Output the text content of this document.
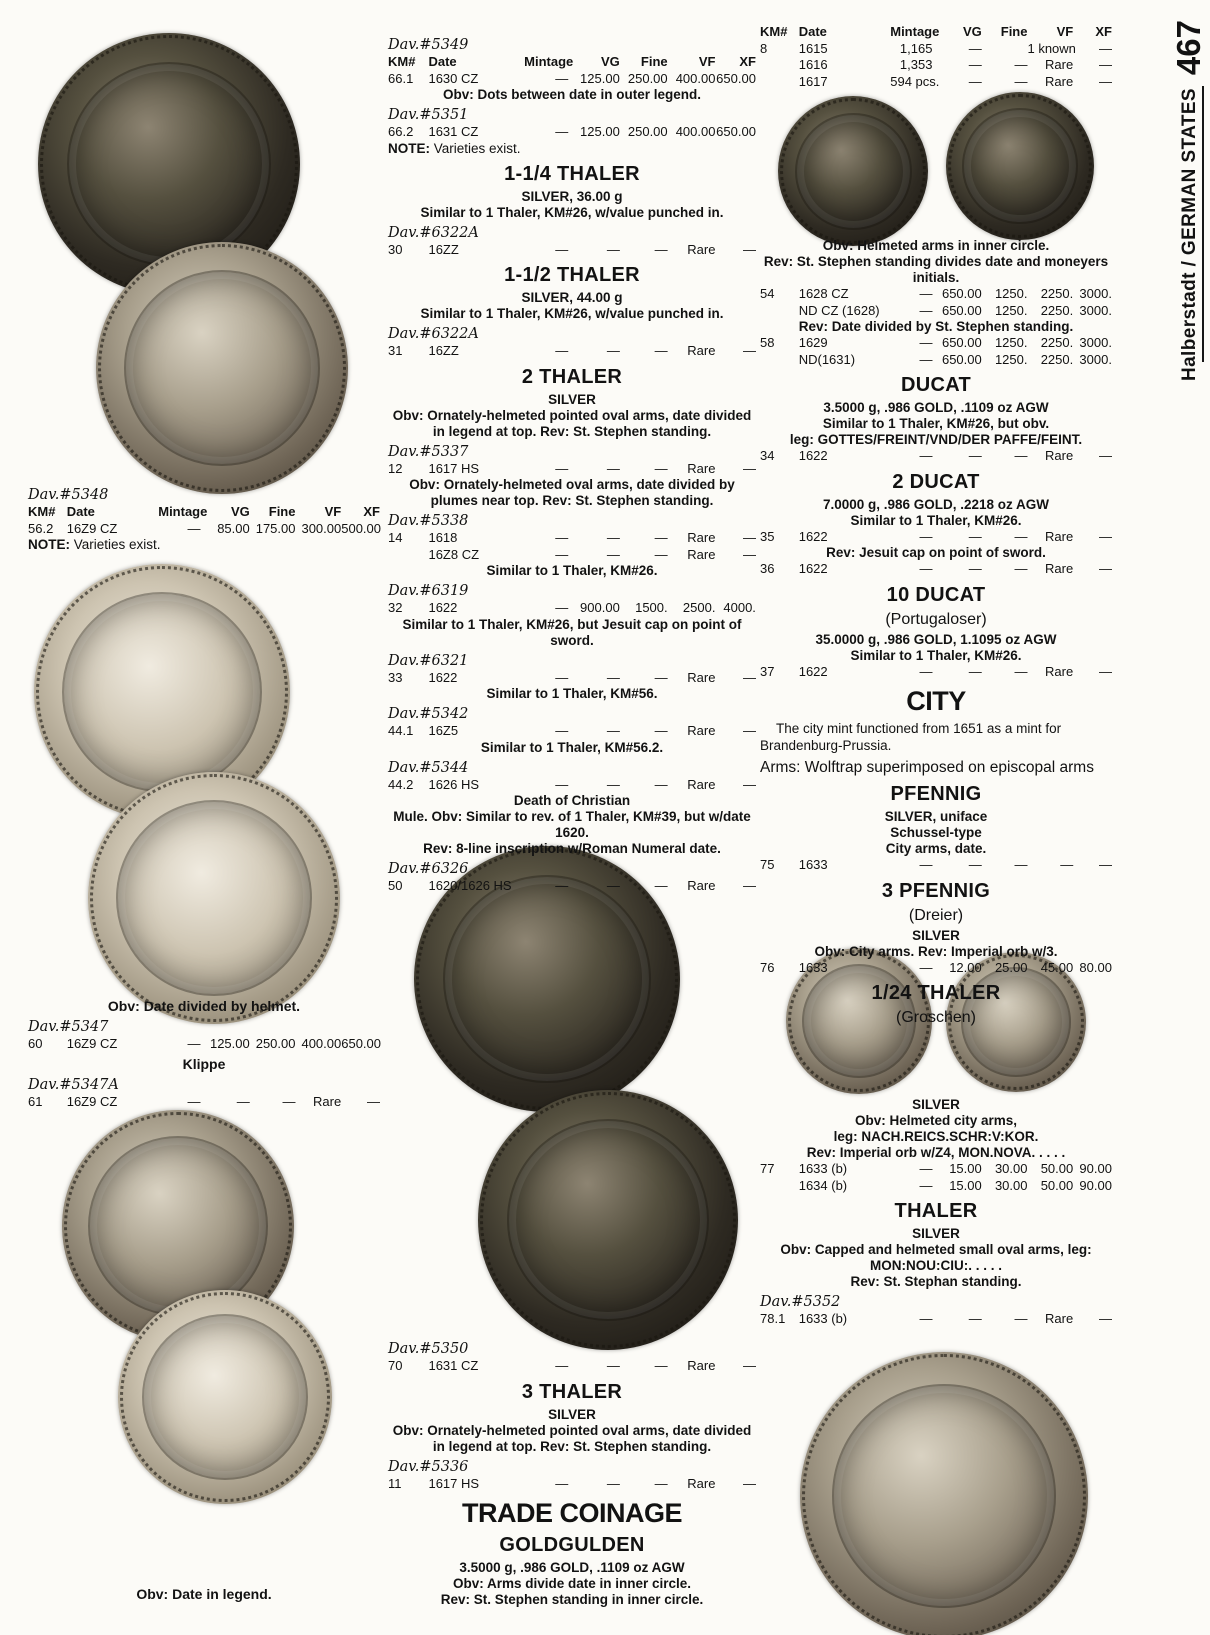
Dav.#5348
KM# Date	Mintage	VG	Fine	VF	XF
56.2	16Z9 CZ	—	85.00 175.00 300.00 500.00
NOTE: Varieties exist.
Obv: Date divided by helmet.
Dav.#5347
60	16Z9 CZ	— 125.00 250.00 400.00 650.00
Klippe
Dav.#5347A
61	16Z9 CZ	—	—	—	Rare	—
Obv: Date in legend.
Dav.#5349
KM#	Date	Mintage	VG	Fine	VF	XF
66.1	1630 CZ	— 125.00 250.00 400.00 650.00
Obv: Dots between date in outer legend.
Dav.#5351
66.2	1631 CZ	— 125.00 250.00 400.00 650.00
NOTE: Varieties exist.
1-1/4 THALER
SILVER, 36.00 g
Similar to 1 Thaler, KM#26, w/value punched in.
Dav.#6322A
30	16ZZ	—	—	—	Rare	—
1-1/2 THALER
SILVER, 44.00 g
Similar to 1 Thaler, KM#26, w/value punched in.
Dav.#6322A
31	16ZZ	—	—	—	Rare	—
2 THALER
SILVER
Obv: Ornately-helmeted pointed oval arms, date divided in legend at top. Rev: St. Stephen standing.
Dav.#5337
12	1617 HS	—	—	—	Rare	—
Obv: Ornately-helmeted oval arms, date divided by plumes near top. Rev: St. Stephen standing.
Dav.#5338
14	1618	—	—	—	Rare	—
16Z8 CZ	—	—	—	Rare	—
Similar to 1 Thaler, KM#26.
Dav.#6319
32	1622	— 900.00	1500.	2500. 4000.
Similar to 1 Thaler, KM#26, but Jesuit cap on point of sword.
Dav.#6321
33	1622	—	—	—	Rare	—
Similar to 1 Thaler, KM#56.
Dav.#5342
44.1	16Z5	—	—	—	Rare	—
Similar to 1 Thaler, KM#56.2.
Dav.#5344
44.2	1626 HS	—	—	—	Rare	—
Death of Christian
Mule. Obv: Similar to rev. of 1 Thaler, KM#39, but w/date 1620.
Rev: 8-line inscription w/Roman Numeral date.
Dav.#6326
50	1620/1626 HS	—	—	—	Rare	—
Dav.#5350
70	1631 CZ	—	—	—	Rare	—
3 THALER
SILVER
Obv: Ornately-helmeted pointed oval arms, date divided in legend at top. Rev: St. Stephen standing.
Dav.#5336
11	1617 HS	—	—	—	Rare	—
TRADE COINAGE
GOLDGULDEN
3.5000 g, .986 GOLD, .1109 oz AGW
Obv: Arms divide date in inner circle.
Rev: St. Stephen standing in inner circle.
KM# Date	Mintage	VG	Fine	VF	XF
8	1615	1,165	—	1 known	—
1616	1,353	—	—	Rare	—
1617	594 pcs.	—	—	Rare	—
Obv: Helmeted arms in inner circle.
Rev: St. Stephen standing divides date and moneyers initials.
54	1628 CZ	— 650.00	1250.	2250. 3000.
ND CZ (1628)	— 650.00	1250.	2250. 3000.
Rev: Date divided by St. Stephen standing.
58	1629	— 650.00	1250.	2250. 3000.
ND(1631)	— 650.00	1250.	2250. 3000.
DUCAT
3.5000 g, .986 GOLD, .1109 oz AGW
Similar to 1 Thaler, KM#26, but obv.
leg: GOTTES/FREINT/VND/DER PAFFE/FEINT.
34	1622	—	—	—	Rare	—
2 DUCAT
7.0000 g, .986 GOLD, .2218 oz AGW
Similar to 1 Thaler, KM#26.
35	1622	—	—	—	Rare	—
Rev: Jesuit cap on point of sword.
36	1622	—	—	—	Rare	—
10 DUCAT
(Portugaloser)
35.0000 g, .986 GOLD, 1.1095 oz AGW
Similar to 1 Thaler, KM#26.
37	1622	—	—	—	Rare	—
CITY
The city mint functioned from 1651 as a mint for Brandenburg-Prussia.
Arms: Wolftrap superimposed on episcopal arms
PFENNIG
SILVER, uniface
Schussel-type
City arms, date.
75	1633	—	—	—	—	—
3 PFENNIG
(Dreier)
SILVER
Obv: City arms. Rev: Imperial orb w/3.
76	1633	—	12.00	25.00	45.00 80.00
1/24 THALER
(Groschen)
SILVER
Obv: Helmeted city arms,
leg: NACH.REICS.SCHR:V:KOR.
Rev: Imperial orb w/Z4, MON.NOVA. . . . .
77	1633 (b)	—	15.00	30.00	50.00 90.00
1634 (b)	—	15.00	30.00	50.00 90.00
THALER
SILVER
Obv: Capped and helmeted small oval arms, leg: MON:NOU:CIU:. . . . .
Rev: St. Stephan standing.
Dav.#5352
78.1	1633 (b)	—	—	—	Rare	—
467
Halberstadt / GERMAN STATES
